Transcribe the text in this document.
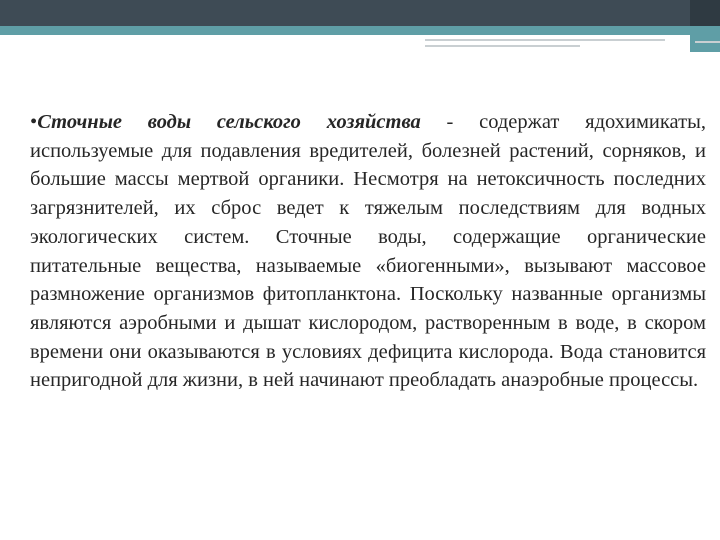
•Сточные воды сельского хозяйства - содержат ядохимикаты, используемые для подавления вредителей, болезней растений, сорняков, и большие массы мертвой органики. Несмотря на нетоксичность последних загрязнителей, их сброс ведет к тяжелым последствиям для водных экологических систем. Сточные воды, содержащие органические питательные вещества, называемые «биогенными», вызывают массовое размножение организмов фитопланктона. Поскольку названные организмы являются аэробными и дышат кислородом, растворенным в воде, в скором времени они оказываются в условиях дефицита кислорода. Вода становится непригодной для жизни, в ней начинают преобладать анаэробные процессы.
